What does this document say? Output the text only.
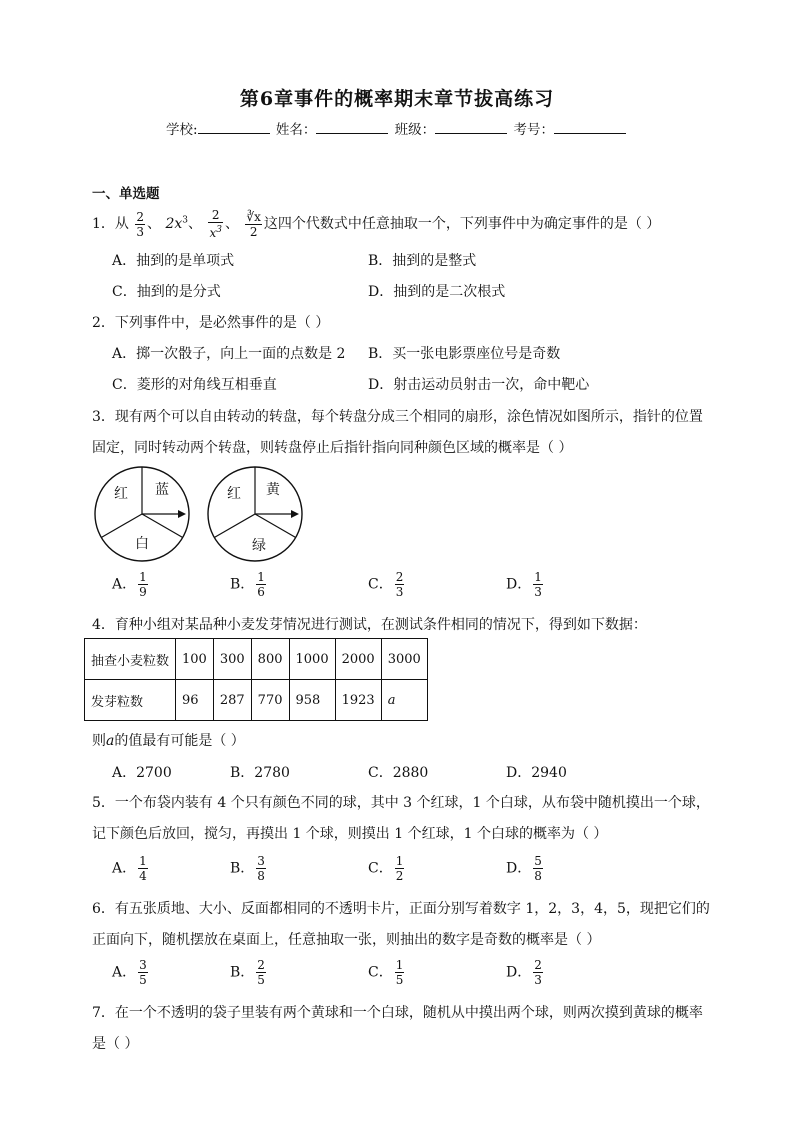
第6章事件的概率期末章节拔高练习
学校:	姓名：	班级：	考号：
一、单选题
1．从 $\frac{2}{3}$ 、 $2x^3$、 $\frac{2}{x^3}$ 、 $\frac{∛x}{2}$ 这四个代数式中任意抽取一个，下列事件中为确定事件的是（ ）
A．抽到的是单项式	B．抽到的是整式
C．抽到的是分式	D．抽到的是二次根式
2．下列事件中，是必然事件的是（ ）
A．掷一次骰子，向上一面的点数是 2 B．买一张电影票座位号是奇数
C．菱形的对角线互相垂直	D．射击运动员射击一次，命中靶心
3．现有两个可以自由转动的转盘，每个转盘分成三个相同的扇形，涂色情况如图所示，指针的位置
固定，同时转动两个转盘，则转盘停止后指针指向同种颜色区域的概率是（ ）
红 蓝
白
红 黄
绿
A． $\frac{1}{9}$	B． $\frac{1}{6}$	C． $\frac{2}{3}$	D． $\frac{1}{3}$
4．育种小组对某品种小麦发芽情况进行测试，在测试条件相同的情况下，得到如下数据：
抽查小麦粒数	100	300	800	1000	2000	3000
发芽粒数	96	287	770	958	1923	a
则a的值最有可能是（ ）
A．2700	B．2780	C．2880	D．2940
5．一个布袋内装有 4 个只有颜色不同的球，其中 3 个红球，1 个白球，从布袋中随机摸出一个球，
记下颜色后放回，搅匀，再摸出 1 个球，则摸出 1 个红球，1 个白球的概率为（ ）
A． $\frac{1}{4}$	B． $\frac{3}{8}$	C． $\frac{1}{2}$	D． $\frac{5}{8}$
6．有五张质地、大小、反面都相同的不透明卡片，正面分别写着数字 1，2，3，4，5，现把它们的
正面向下，随机摆放在桌面上，任意抽取一张，则抽出的数字是奇数的概率是（ ）
A． $\frac{3}{5}$	B． $\frac{2}{5}$	C． $\frac{1}{5}$	D． $\frac{2}{3}$
7．在一个不透明的袋子里装有两个黄球和一个白球，随机从中摸出两个球，则两次摸到黄球的概率
是（ ）
